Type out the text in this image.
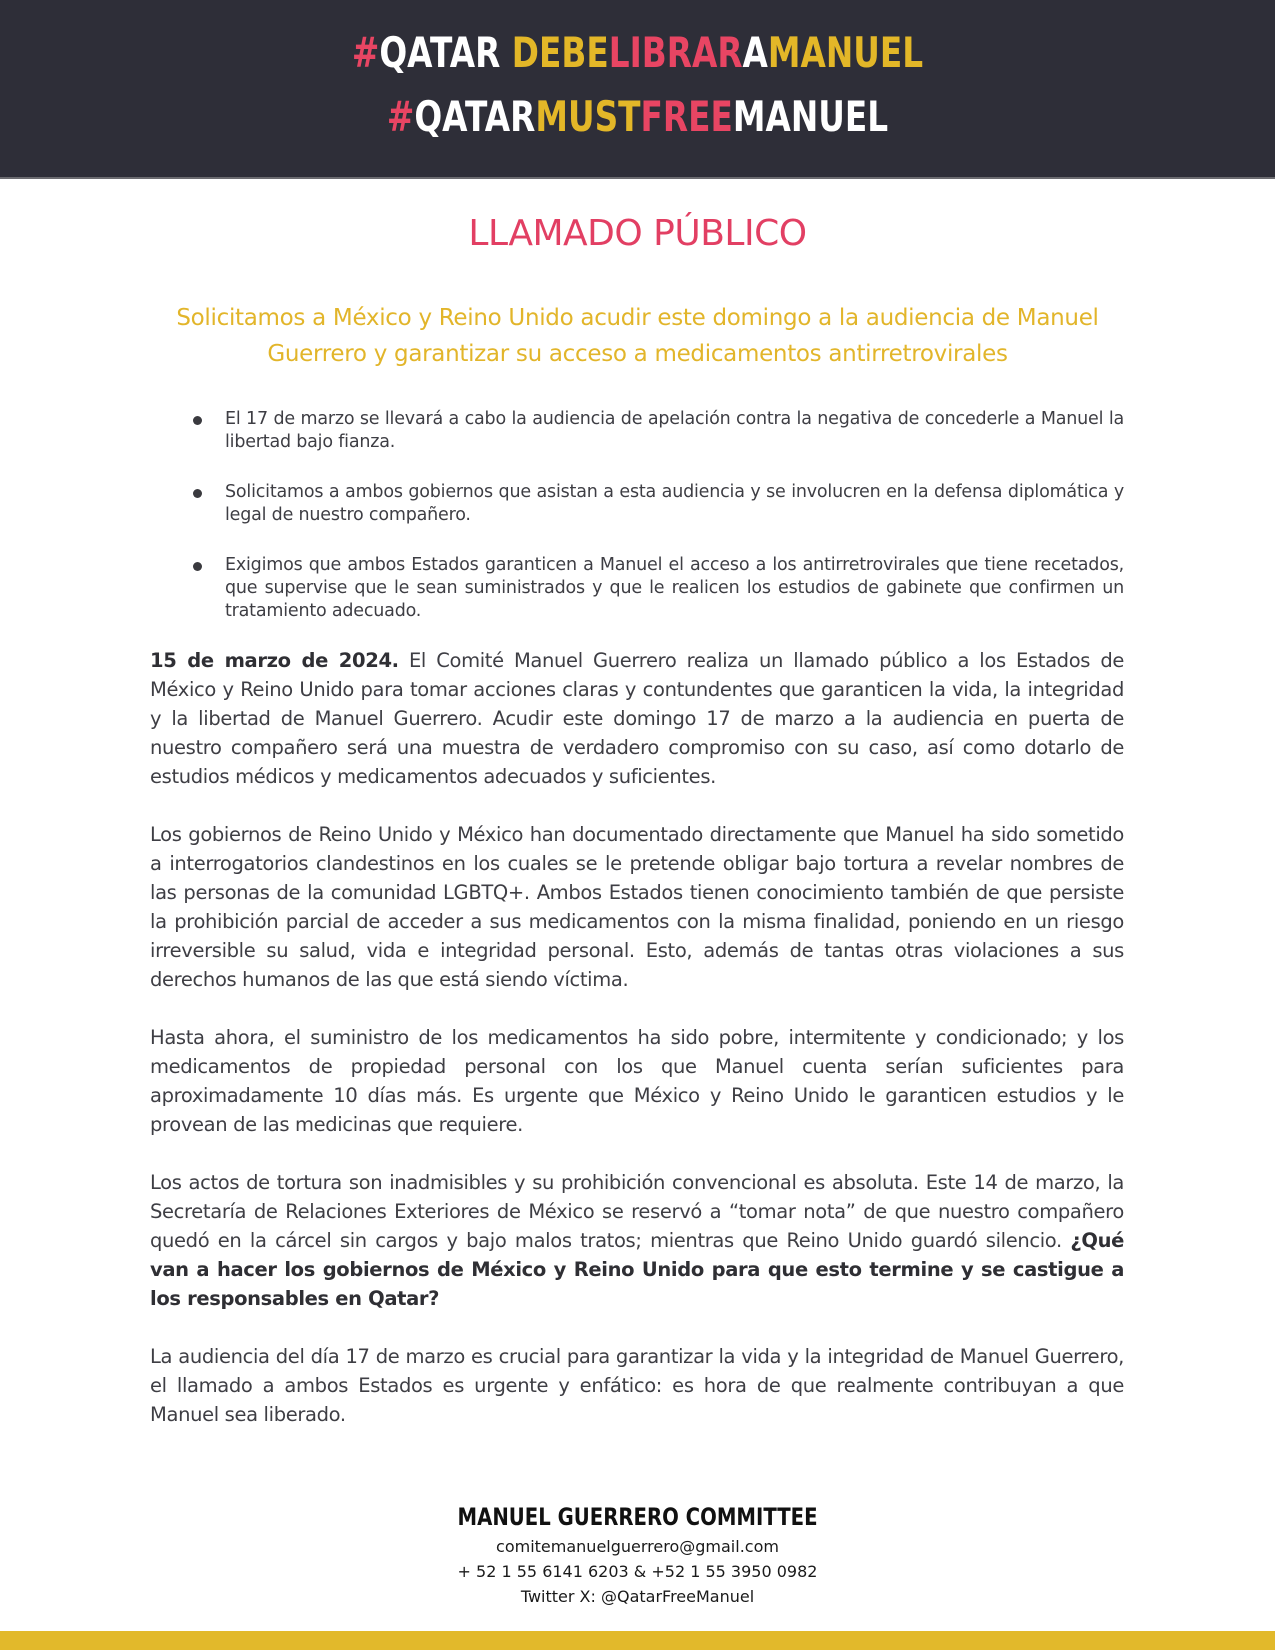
#QATAR DEBELIBRARAMANUEL
#QATARMUSTFREEMANUEL
LLAMADO PÚBLICO
Solicitamos a México y Reino Unido acudir este domingo a la audiencia de Manuel Guerrero y garantizar su acceso a medicamentos antirretrovirales
El 17 de marzo se llevará a cabo la audiencia de apelación contra la negativa de concederle a Manuel la libertad bajo fianza.
Solicitamos a ambos gobiernos que asistan a esta audiencia y se involucren en la defensa diplomática y legal de nuestro compañero.
Exigimos que ambos Estados garanticen a Manuel el acceso a los antirretrovirales que tiene recetados, que supervise que le sean suministrados y que le realicen los estudios de gabinete que confirmen un tratamiento adecuado.

15 de marzo de 2024. El Comité Manuel Guerrero realiza un llamado público a los Estados de México y Reino Unido para tomar acciones claras y contundentes que garanticen la vida, la integridad y la libertad de Manuel Guerrero. Acudir este domingo 17 de marzo a la audiencia en puerta de nuestro compañero será una muestra de verdadero compromiso con su caso, así como dotarlo de estudios médicos y medicamentos adecuados y suficientes.

Los gobiernos de Reino Unido y México han documentado directamente que Manuel ha sido sometido a interrogatorios clandestinos en los cuales se le pretende obligar bajo tortura a revelar nombres de las personas de la comunidad LGBTQ+. Ambos Estados tienen conocimiento también de que persiste la prohibición parcial de acceder a sus medicamentos con la misma finalidad, poniendo en un riesgo irreversible su salud, vida e integridad personal. Esto, además de tantas otras violaciones a sus derechos humanos de las que está siendo víctima.

Hasta ahora, el suministro de los medicamentos ha sido pobre, intermitente y condicionado; y los medicamentos de propiedad personal con los que Manuel cuenta serían suficientes para aproximadamente 10 días más. Es urgente que México y Reino Unido le garanticen estudios y le provean de las medicinas que requiere.

Los actos de tortura son inadmisibles y su prohibición convencional es absoluta. Este 14 de marzo, la Secretaría de Relaciones Exteriores de México se reservó a “tomar nota” de que nuestro compañero quedó en la cárcel sin cargos y bajo malos tratos; mientras que Reino Unido guardó silencio. ¿Qué van a hacer los gobiernos de México y Reino Unido para que esto termine y se castigue a los responsables en Qatar?

La audiencia del día 17 de marzo es crucial para garantizar la vida y la integridad de Manuel Guerrero, el llamado a ambos Estados es urgente y enfático: es hora de que realmente contribuyan a que Manuel sea liberado.

MANUEL GUERRERO COMMITTEE
comitemanuelguerrero@gmail.com
+ 52 1 55 6141 6203 & +52 1 55 3950 0982
Twitter X: @QatarFreeManuel
